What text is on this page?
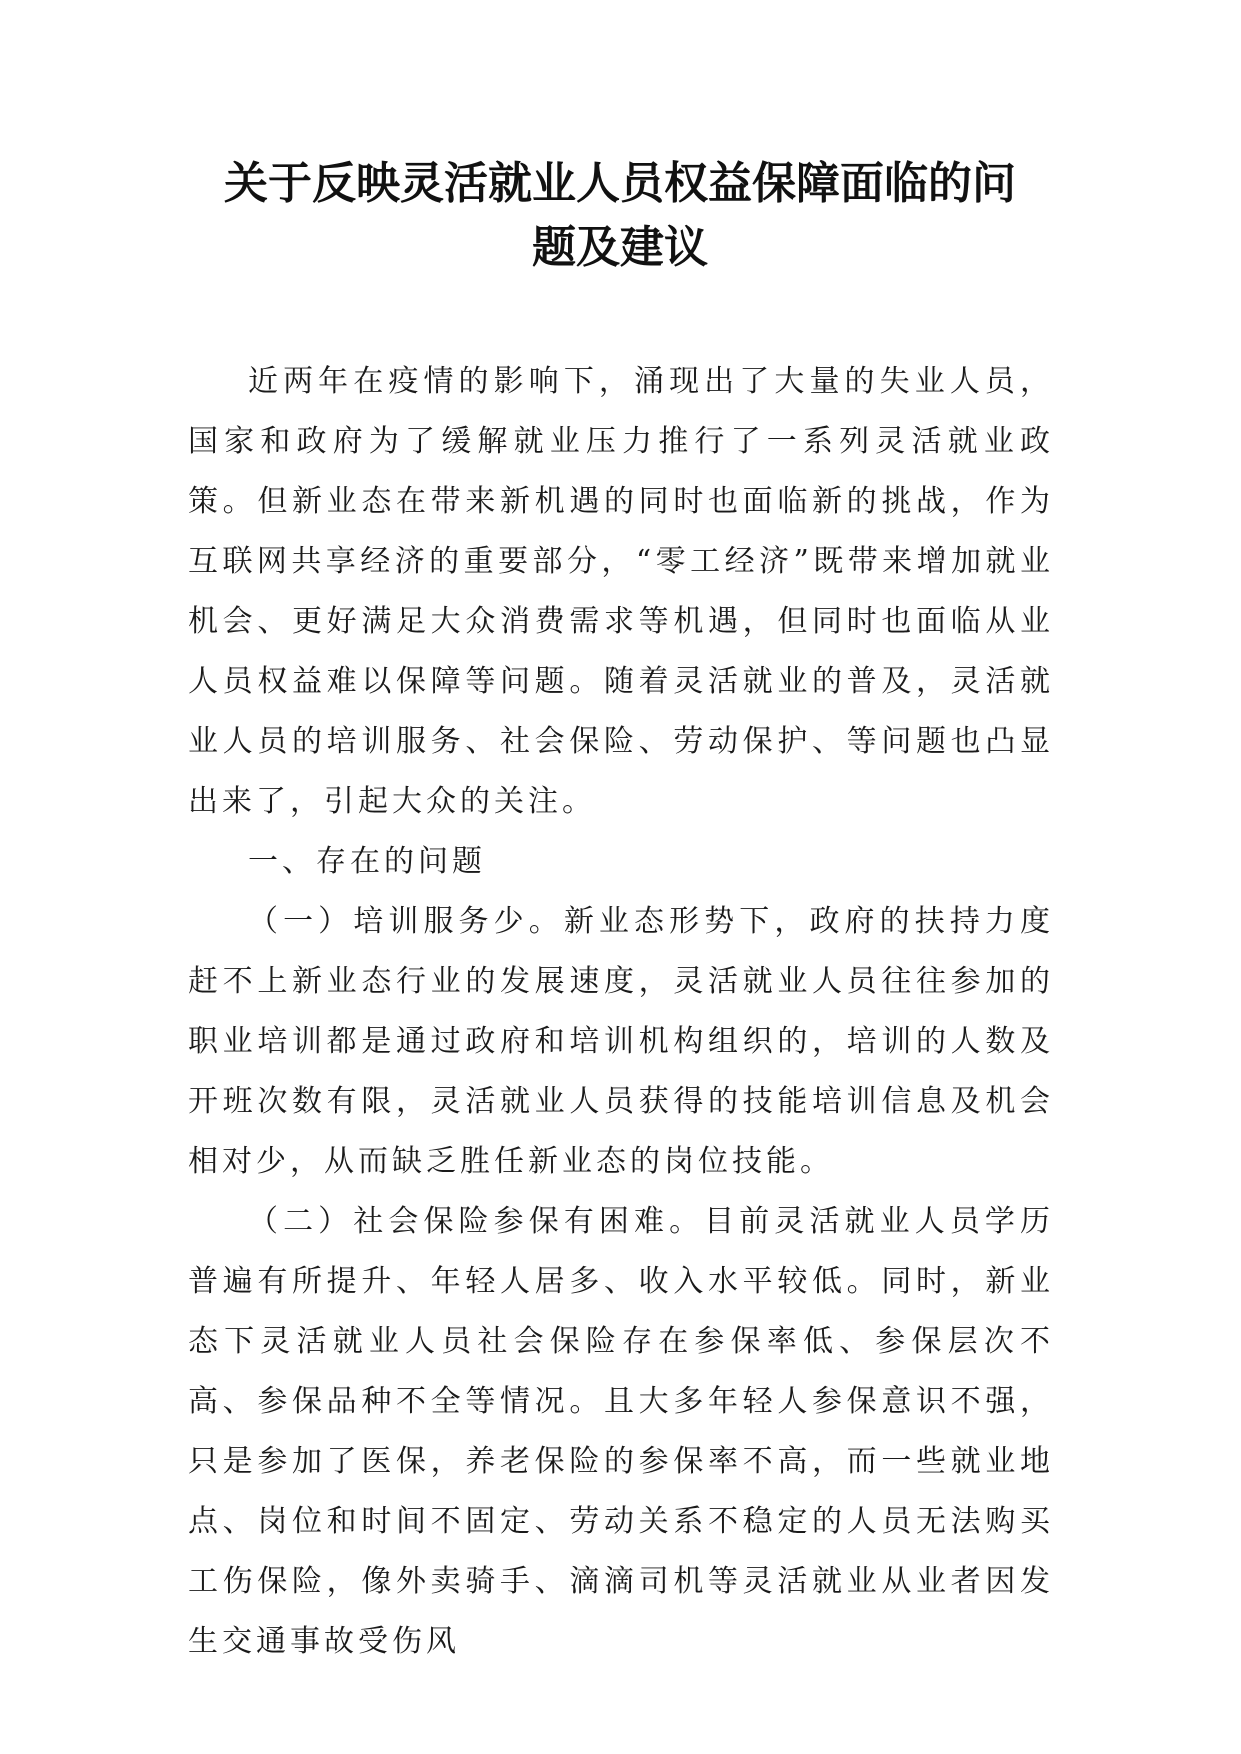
关于反映灵活就业人员权益保障面临的问
题及建议

近两年在疫情的影响下，涌现出了大量的失业人员，国家和政府为了缓解就业压力推行了一系列灵活就业政策。但新业态在带来新机遇的同时也面临新的挑战，作为互联网共享经济的重要部分，“零工经济”既带来增加就业机会、更好满足大众消费需求等机遇，但同时也面临从业人员权益难以保障等问题。随着灵活就业的普及，灵活就业人员的培训服务、社会保险、劳动保护、等问题也凸显出来了，引起大众的关注。

一、存在的问题

（一）培训服务少。新业态形势下，政府的扶持力度赶不上新业态行业的发展速度，灵活就业人员往往参加的职业培训都是通过政府和培训机构组织的，培训的人数及开班次数有限，灵活就业人员获得的技能培训信息及机会相对少，从而缺乏胜任新业态的岗位技能。

（二）社会保险参保有困难。目前灵活就业人员学历普遍有所提升、年轻人居多、收入水平较低。同时，新业态下灵活就业人员社会保险存在参保率低、参保层次不高、参保品种不全等情况。且大多年轻人参保意识不强，只是参加了医保，养老保险的参保率不高，而一些就业地点、岗位和时间不固定、劳动关系不稳定的人员无法购买工伤保险，像外卖骑手、滴滴司机等灵活就业从业者因发生交通事故受伤风
